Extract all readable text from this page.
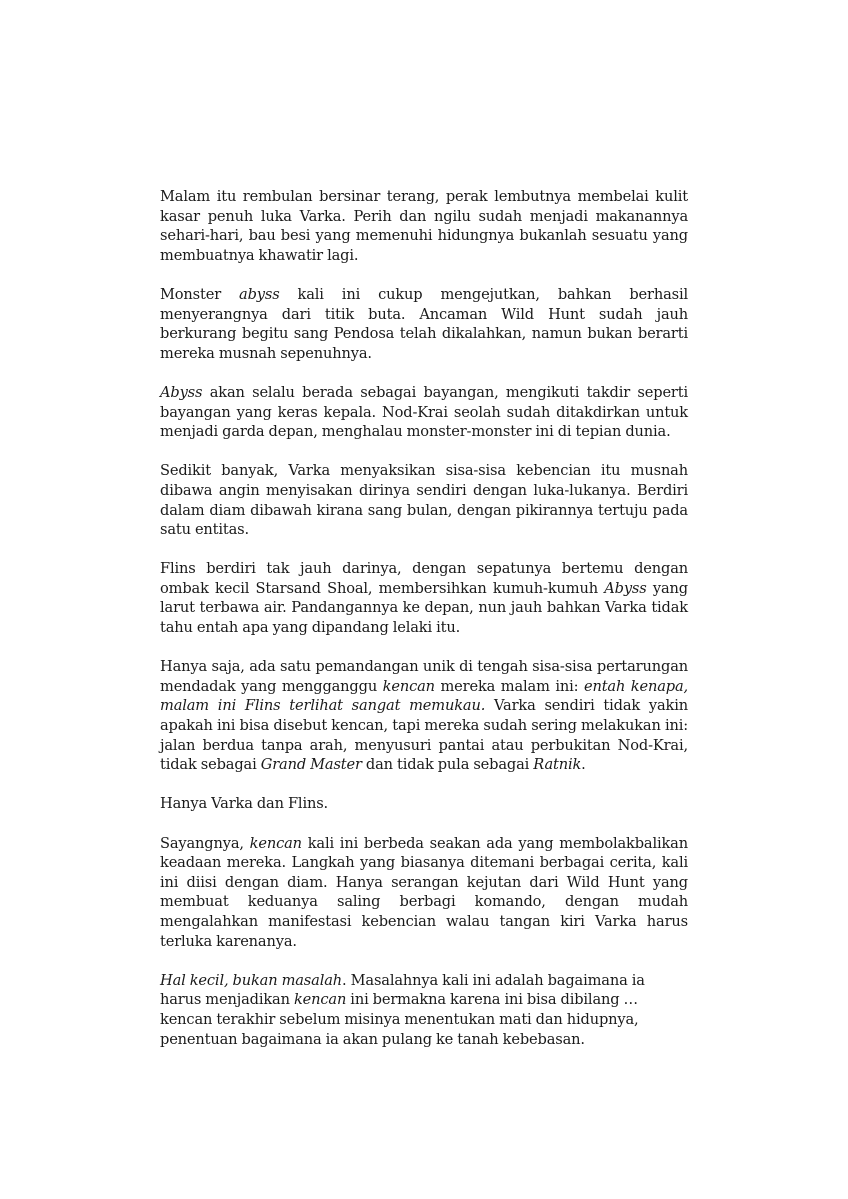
Malam itu rembulan bersinar terang, perak lembutnya membelai kulit kasar penuh luka Varka. Perih dan ngilu sudah menjadi makanannya sehari-hari, bau besi yang memenuhi hidungnya bukanlah sesuatu yang membuatnya khawatir lagi.

Monster abyss kali ini cukup mengejutkan, bahkan berhasil menyerangnya dari titik buta. Ancaman Wild Hunt sudah jauh berkurang begitu sang Pendosa telah dikalahkan, namun bukan berarti mereka musnah sepenuhnya.

Abyss akan selalu berada sebagai bayangan, mengikuti takdir seperti bayangan yang keras kepala. Nod-Krai seolah sudah ditakdirkan untuk menjadi garda depan, menghalau monster-monster ini di tepian dunia.

Sedikit banyak, Varka menyaksikan sisa-sisa kebencian itu musnah dibawa angin menyisakan dirinya sendiri dengan luka-lukanya. Berdiri dalam diam dibawah kirana sang bulan, dengan pikirannya tertuju pada satu entitas.

Flins berdiri tak jauh darinya, dengan sepatunya bertemu dengan ombak kecil Starsand Shoal, membersihkan kumuh-kumuh Abyss yang larut terbawa air. Pandangannya ke depan, nun jauh bahkan Varka tidak tahu entah apa yang dipandang lelaki itu.

Hanya saja, ada satu pemandangan unik di tengah sisa-sisa pertarungan mendadak yang mengganggu kencan mereka malam ini: entah kenapa, malam ini Flins terlihat sangat memukau. Varka sendiri tidak yakin apakah ini bisa disebut kencan, tapi mereka sudah sering melakukan ini: jalan berdua tanpa arah, menyusuri pantai atau perbukitan Nod-Krai, tidak sebagai Grand Master dan tidak pula sebagai Ratnik.

Hanya Varka dan Flins.

Sayangnya, kencan kali ini berbeda seakan ada yang membolakbalikan keadaan mereka. Langkah yang biasanya ditemani berbagai cerita, kali ini diisi dengan diam. Hanya serangan kejutan dari Wild Hunt yang membuat keduanya saling berbagi komando, dengan mudah mengalahkan manifestasi kebencian walau tangan kiri Varka harus terluka karenanya.

Hal kecil, bukan masalah. Masalahnya kali ini adalah bagaimana ia harus menjadikan kencan ini bermakna karena ini bisa dibilang … kencan terakhir sebelum misinya menentukan mati dan hidupnya, penentuan bagaimana ia akan pulang ke tanah kebebasan.
